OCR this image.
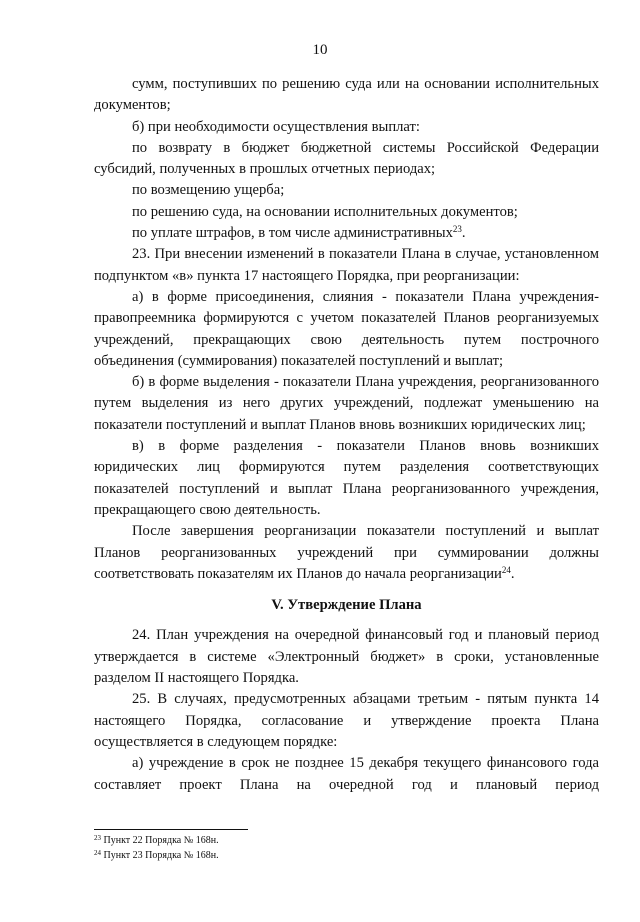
10

сумм, поступивших по решению суда или на основании исполнительных документов;

б) при необходимости осуществления выплат:

по возврату в бюджет бюджетной системы Российской Федерации субсидий, полученных в прошлых отчетных периодах;

по возмещению ущерба;

по решению суда, на основании исполнительных документов;

по уплате штрафов, в том числе административных$^{23}$.

23. При внесении изменений в показатели Плана в случае, установленном подпунктом «в» пункта 17 настоящего Порядка, при реорганизации:

а) в форме присоединения, слияния - показатели Плана учреждения-правопреемника формируются с учетом показателей Планов реорганизуемых учреждений, прекращающих свою деятельность путем построчного объединения (суммирования) показателей поступлений и выплат;

б) в форме выделения - показатели Плана учреждения, реорганизованного путем выделения из него других учреждений, подлежат уменьшению на показатели поступлений и выплат Планов вновь возникших юридических лиц;

в) в форме разделения - показатели Планов вновь возникших юридических лиц формируются путем разделения соответствующих показателей поступлений и выплат Плана реорганизованного учреждения, прекращающего свою деятельность.

После завершения реорганизации показатели поступлений и выплат Планов реорганизованных учреждений при суммировании должны соответствовать показателям их Планов до начала реорганизации$^{24}$.

V. Утверждение Плана

24. План учреждения на очередной финансовый год и плановый период утверждается в системе «Электронный бюджет» в сроки, установленные разделом II настоящего Порядка.

25. В случаях, предусмотренных абзацами третьим - пятым пункта 14 настоящего Порядка, согласование и утверждение проекта Плана осуществляется в следующем порядке:

а) учреждение в срок не позднее 15 декабря текущего финансового года составляет проект Плана на очередной год и плановый период

$^{23}$ Пункт 22 Порядка № 168н.
$^{24}$ Пункт 23 Порядка № 168н.
